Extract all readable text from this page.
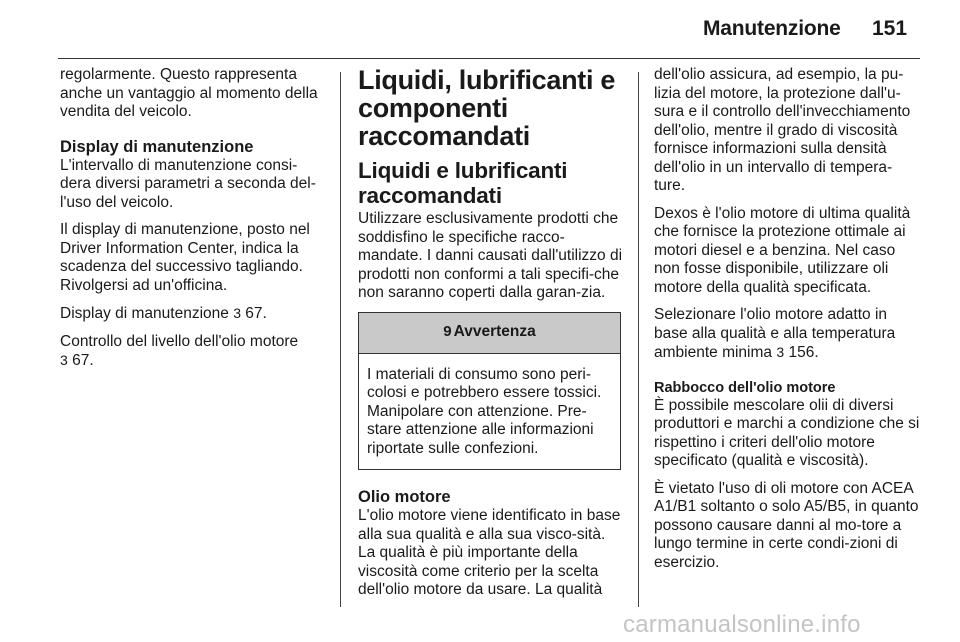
Manutenzione 151

regolarmente. Questo rappresenta anche un vantaggio al momento della vendita del veicolo.

Display di manutenzione

L'intervallo di manutenzione consi-dera diversi parametri a seconda del-l'uso del veicolo.

Il display di manutenzione, posto nel Driver Information Center, indica la scadenza del successivo tagliando. Rivolgersi ad un'officina.

Display di manutenzione 3 67.

Controllo del livello dell'olio motore
3 67.

Liquidi, lubrificanti e componenti raccomandati
Liquidi e lubrificanti raccomandati

Utilizzare esclusivamente prodotti che soddisfino le specifiche racco-mandate. I danni causati dall'utilizzo di prodotti non conformi a tali specifi-che non saranno coperti dalla garan-zia.

9 Avvertenza
I materiali di consumo sono peri-colosi e potrebbero essere tossici. Manipolare con attenzione. Pre-stare attenzione alle informazioni riportate sulle confezioni.
Olio motore

L'olio motore viene identificato in base alla sua qualità e alla sua visco-sità. La qualità è più importante della viscosità come criterio per la scelta dell'olio motore da usare. La qualità

dell'olio assicura, ad esempio, la pu-lizia del motore, la protezione dall'u-sura e il controllo dell'invecchiamento dell'olio, mentre il grado di viscosità fornisce informazioni sulla densità dell'olio in un intervallo di tempera-ture.

Dexos è l'olio motore di ultima qualità che fornisce la protezione ottimale ai motori diesel e a benzina. Nel caso non fosse disponibile, utilizzare oli motore della qualità specificata.

Selezionare l'olio motore adatto in base alla qualità e alla temperatura ambiente minima 3 156.

Rabbocco dell'olio motore

È possibile mescolare olii di diversi produttori e marchi a condizione che si rispettino i criteri dell'olio motore specificato (qualità e viscosità).

È vietato l'uso di oli motore con ACEA A1/B1 soltanto o solo A5/B5, in quanto possono causare danni al mo-tore a lungo termine in certe condi-zioni di esercizio.

carmanualsonline.info
